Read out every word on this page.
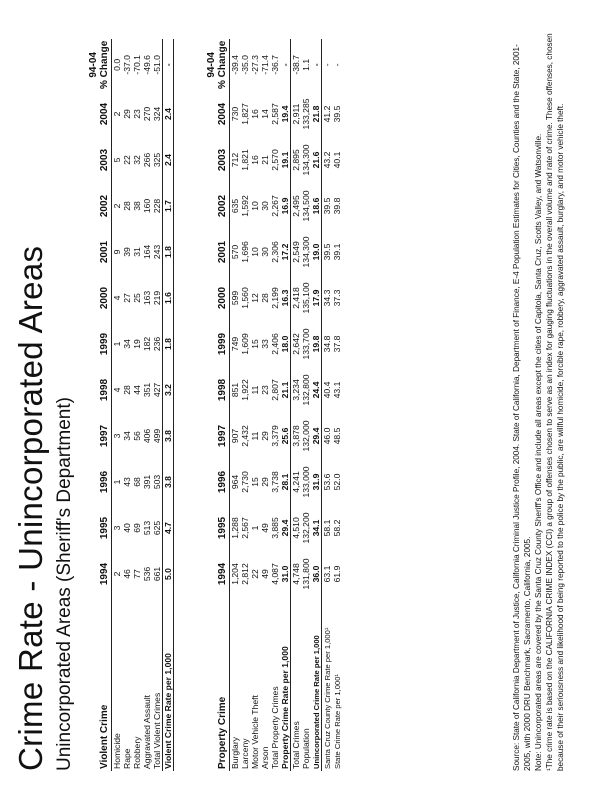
Crime Rate - Unincorporated Areas Unincorporated Areas (Sheriff's Department) Violent Crime	1994	1995	1996	1997	1998	1999	2000	2001	2002	2003	2004	94-04 % Change

Homicide	2	3	1	3	4	1	4	9	2	5	2	0.0
Rape	46	40	43	34	28	34	27	39	28	22	29	-37.0
Robbery	77	69	68	56	44	19	25	31	38	32	23	-70.1
Aggravated Assault	536	513	391	406	351	182	163	164	160	266	270	-49.6
Total Violent Crimes	661	625	503	499	427	236	219	243	228	325	324	-51.0
Violent Crime Rate per 1,000	5.0	4.7	3.8	3.8	3.2	1.8	1.6	1.8	1.7	2.4	2.4	-
Property Crime	1994	1995	1996	1997	1998	1999	2000	2001	2002	2003	2004	94-04 % Change

Burglary	1,204	1,288	964	907	851	749	599	570	635	712	730	-39.4
Larceny	2,812	2,567	2,730	2,432	1,922	1,609	1,560	1,696	1,592	1,821	1,827	-35.0
Motor Vehicle Theft	22	1	15	11	11	15	12	10	10	16	16	-27.3
Arson	49	49	29	29	23	33	28	30	30	21	14	-71.4
Total Property Crimes	4,087	3,885	3,738	3,379	2,807	2,406	2,199	2,306	2,267	2,570	2,587	-36.7
Property Crime Rate per 1,000	31.0	29.4	28.1	25.6	21.1	18.0	16.3	17.2	16.9	19.1	19.4	-
Total Crimes	4,748	4,510	4,241	3,878	3,234	2,642	2,418	2,549	2,495	2,895	2,911	-38.7
Population	131,800	132,200	133,000	132,000	132,800	133,700	135,100	134,300	134,500	134,300	133,285	1.1
Unincorporated Crime Rate per 1,000	36.0	34.1	31.9	29.4	24.4	19.8	17.9	19.0	18.6	21.6	21.8	-
Santa Cruz County Crime Rate per 1,000¹	63.1	58.1	53.6	46.0	40.4	34.8	34.3	39.5	39.5	43.2	41.2	-
State Crime Rate per 1,000¹	61.9	58.2	52.0	48.5	43.1	37.8	37.3	39.1	39.8	40.1	39.5	-	Source: State of California Department of Justice, California Criminal Justice Profile, 2004. State of California, Department of Finance, E-4 Population Estimates for Cities, Counties and the State, 2001-2005, with 2000 DRU Benchmark, Sacramento, California, 2005. Note: Unincorporated areas are covered by the Santa Cruz County Sheriff's Office and include all areas except the cities of Capitola, Santa Cruz, Scotts Valley, and Watsonville. ¹The crime rate is based on the CALIFORNIA CRIME INDEX (CCI) a group of offenses chosen to serve as an index for gauging fluctuations in the overall volume and rate of crime. These offenses, chosen because of their seriousness and likelihood of being reported to the police by the public, are willful homicide, forcible rape, robbery, aggravated assault, burglary, and motor vehicle theft.
